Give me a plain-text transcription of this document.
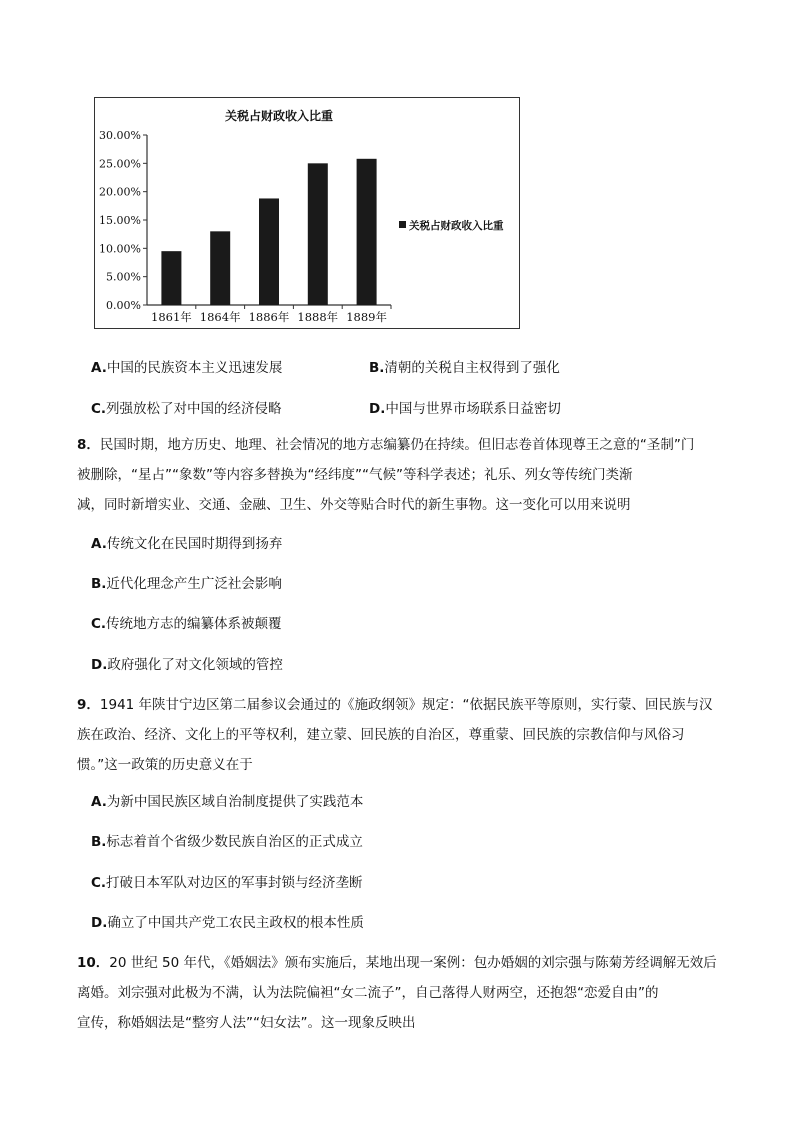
关税占财政收入比重
0.00%
5.00%
10.00%
15.00%
20.00%
25.00%
30.00%
1861年 1864年 1886年 1888年 1889年
关税占财政收入比重
A.中国的民族资本主义迅速发展	B.清朝的关税自主权得到了强化
C.列强放松了对中国的经济侵略	D.中国与世界市场联系日益密切
8．民国时期，地方历史、地理、社会情况的地方志编纂仍在持续。但旧志卷首体现尊王之意的“圣制”门
被删除，“星占”“象数”等内容多替换为“经纬度”“气候”等科学表述；礼乐、列女等传统门类渐
减，同时新增实业、交通、金融、卫生、外交等贴合时代的新生事物。这一变化可以用来说明
A.传统文化在民国时期得到扬弃
B.近代化理念产生广泛社会影响
C.传统地方志的编纂体系被颠覆
D.政府强化了对文化领域的管控
9．1941 年陕甘宁边区第二届参议会通过的《施政纲领》规定：“依据民族平等原则，实行蒙、回民族与汉
族在政治、经济、文化上的平等权利，建立蒙、回民族的自治区，尊重蒙、回民族的宗教信仰与风俗习
惯。”这一政策的历史意义在于
A.为新中国民族区域自治制度提供了实践范本
B.标志着首个省级少数民族自治区的正式成立
C.打破日本军队对边区的军事封锁与经济垄断
D.确立了中国共产党工农民主政权的根本性质
10．20 世纪 50 年代，《婚姻法》颁布实施后，某地出现一案例：包办婚姻的刘宗强与陈菊芳经调解无效后
离婚。刘宗强对此极为不满，认为法院偏袒“女二流子”，自己落得人财两空，还抱怨“恋爱自由”的
宣传，称婚姻法是“整穷人法”“妇女法”。这一现象反映出
